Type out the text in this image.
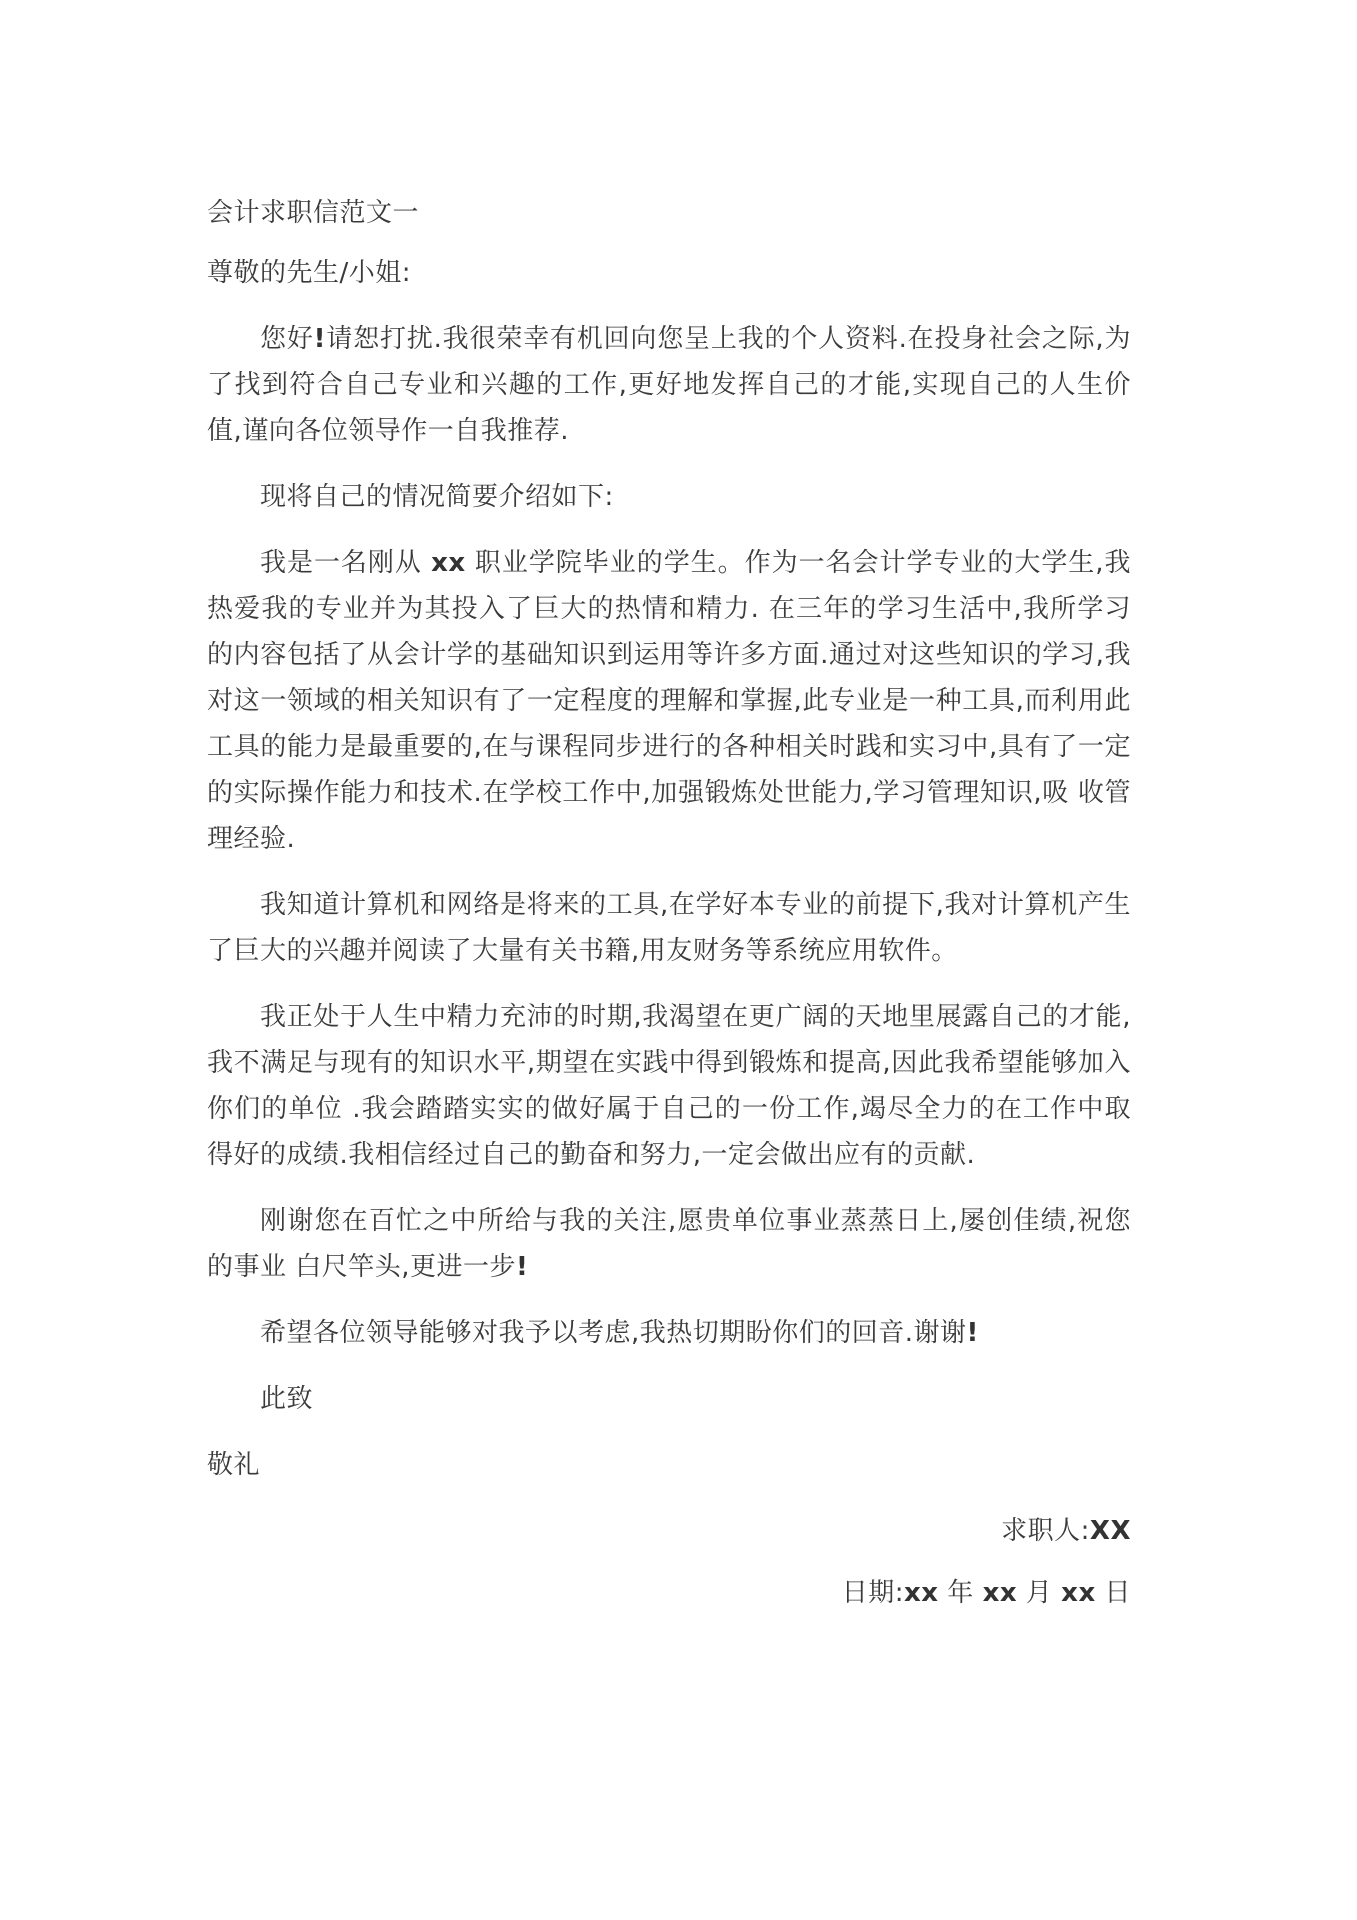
会计求职信范文一

尊敬的先生/小姐:

您好!请恕打扰.我很荣幸有机回向您呈上我的个人资料.在投身社会之际,为了找到符合自己专业和兴趣的工作,更好地发挥自己的才能,实现自己的人生价值,谨向各位领导作一自我推荐.

现将自己的情况简要介绍如下:

我是一名刚从 xx 职业学院毕业的学生。作为一名会计学专业的大学生,我热爱我的专业并为其投入了巨大的热情和精力. 在三年的学习生活中,我所学习的内容包括了从会计学的基础知识到运用等许多方面.通过对这些知识的学习,我对这一领域的相关知识有了一定程度的理解和掌握,此专业是一种工具,而利用此工具的能力是最重要的,在与课程同步进行的各种相关时践和实习中,具有了一定的实际操作能力和技术.在学校工作中,加强锻炼处世能力,学习管理知识,吸 收管理经验.

我知道计算机和网络是将来的工具,在学好本专业的前提下,我对计算机产生了巨大的兴趣并阅读了大量有关书籍,用友财务等系统应用软件。

我正处于人生中精力充沛的时期,我渴望在更广阔的天地里展露自己的才能,我不满足与现有的知识水平,期望在实践中得到锻炼和提高,因此我希望能够加入你们的单位 .我会踏踏实实的做好属于自己的一份工作,竭尽全力的在工作中取得好的成绩.我相信经过自己的勤奋和努力,一定会做出应有的贡献.

刚谢您在百忙之中所给与我的关注,愿贵单位事业蒸蒸日上,屡创佳绩,祝您的事业 白尺竿头,更进一步!

希望各位领导能够对我予以考虑,我热切期盼你们的回音.谢谢!

此致

敬礼

求职人:XX

日期:xx 年 xx 月 xx 日
